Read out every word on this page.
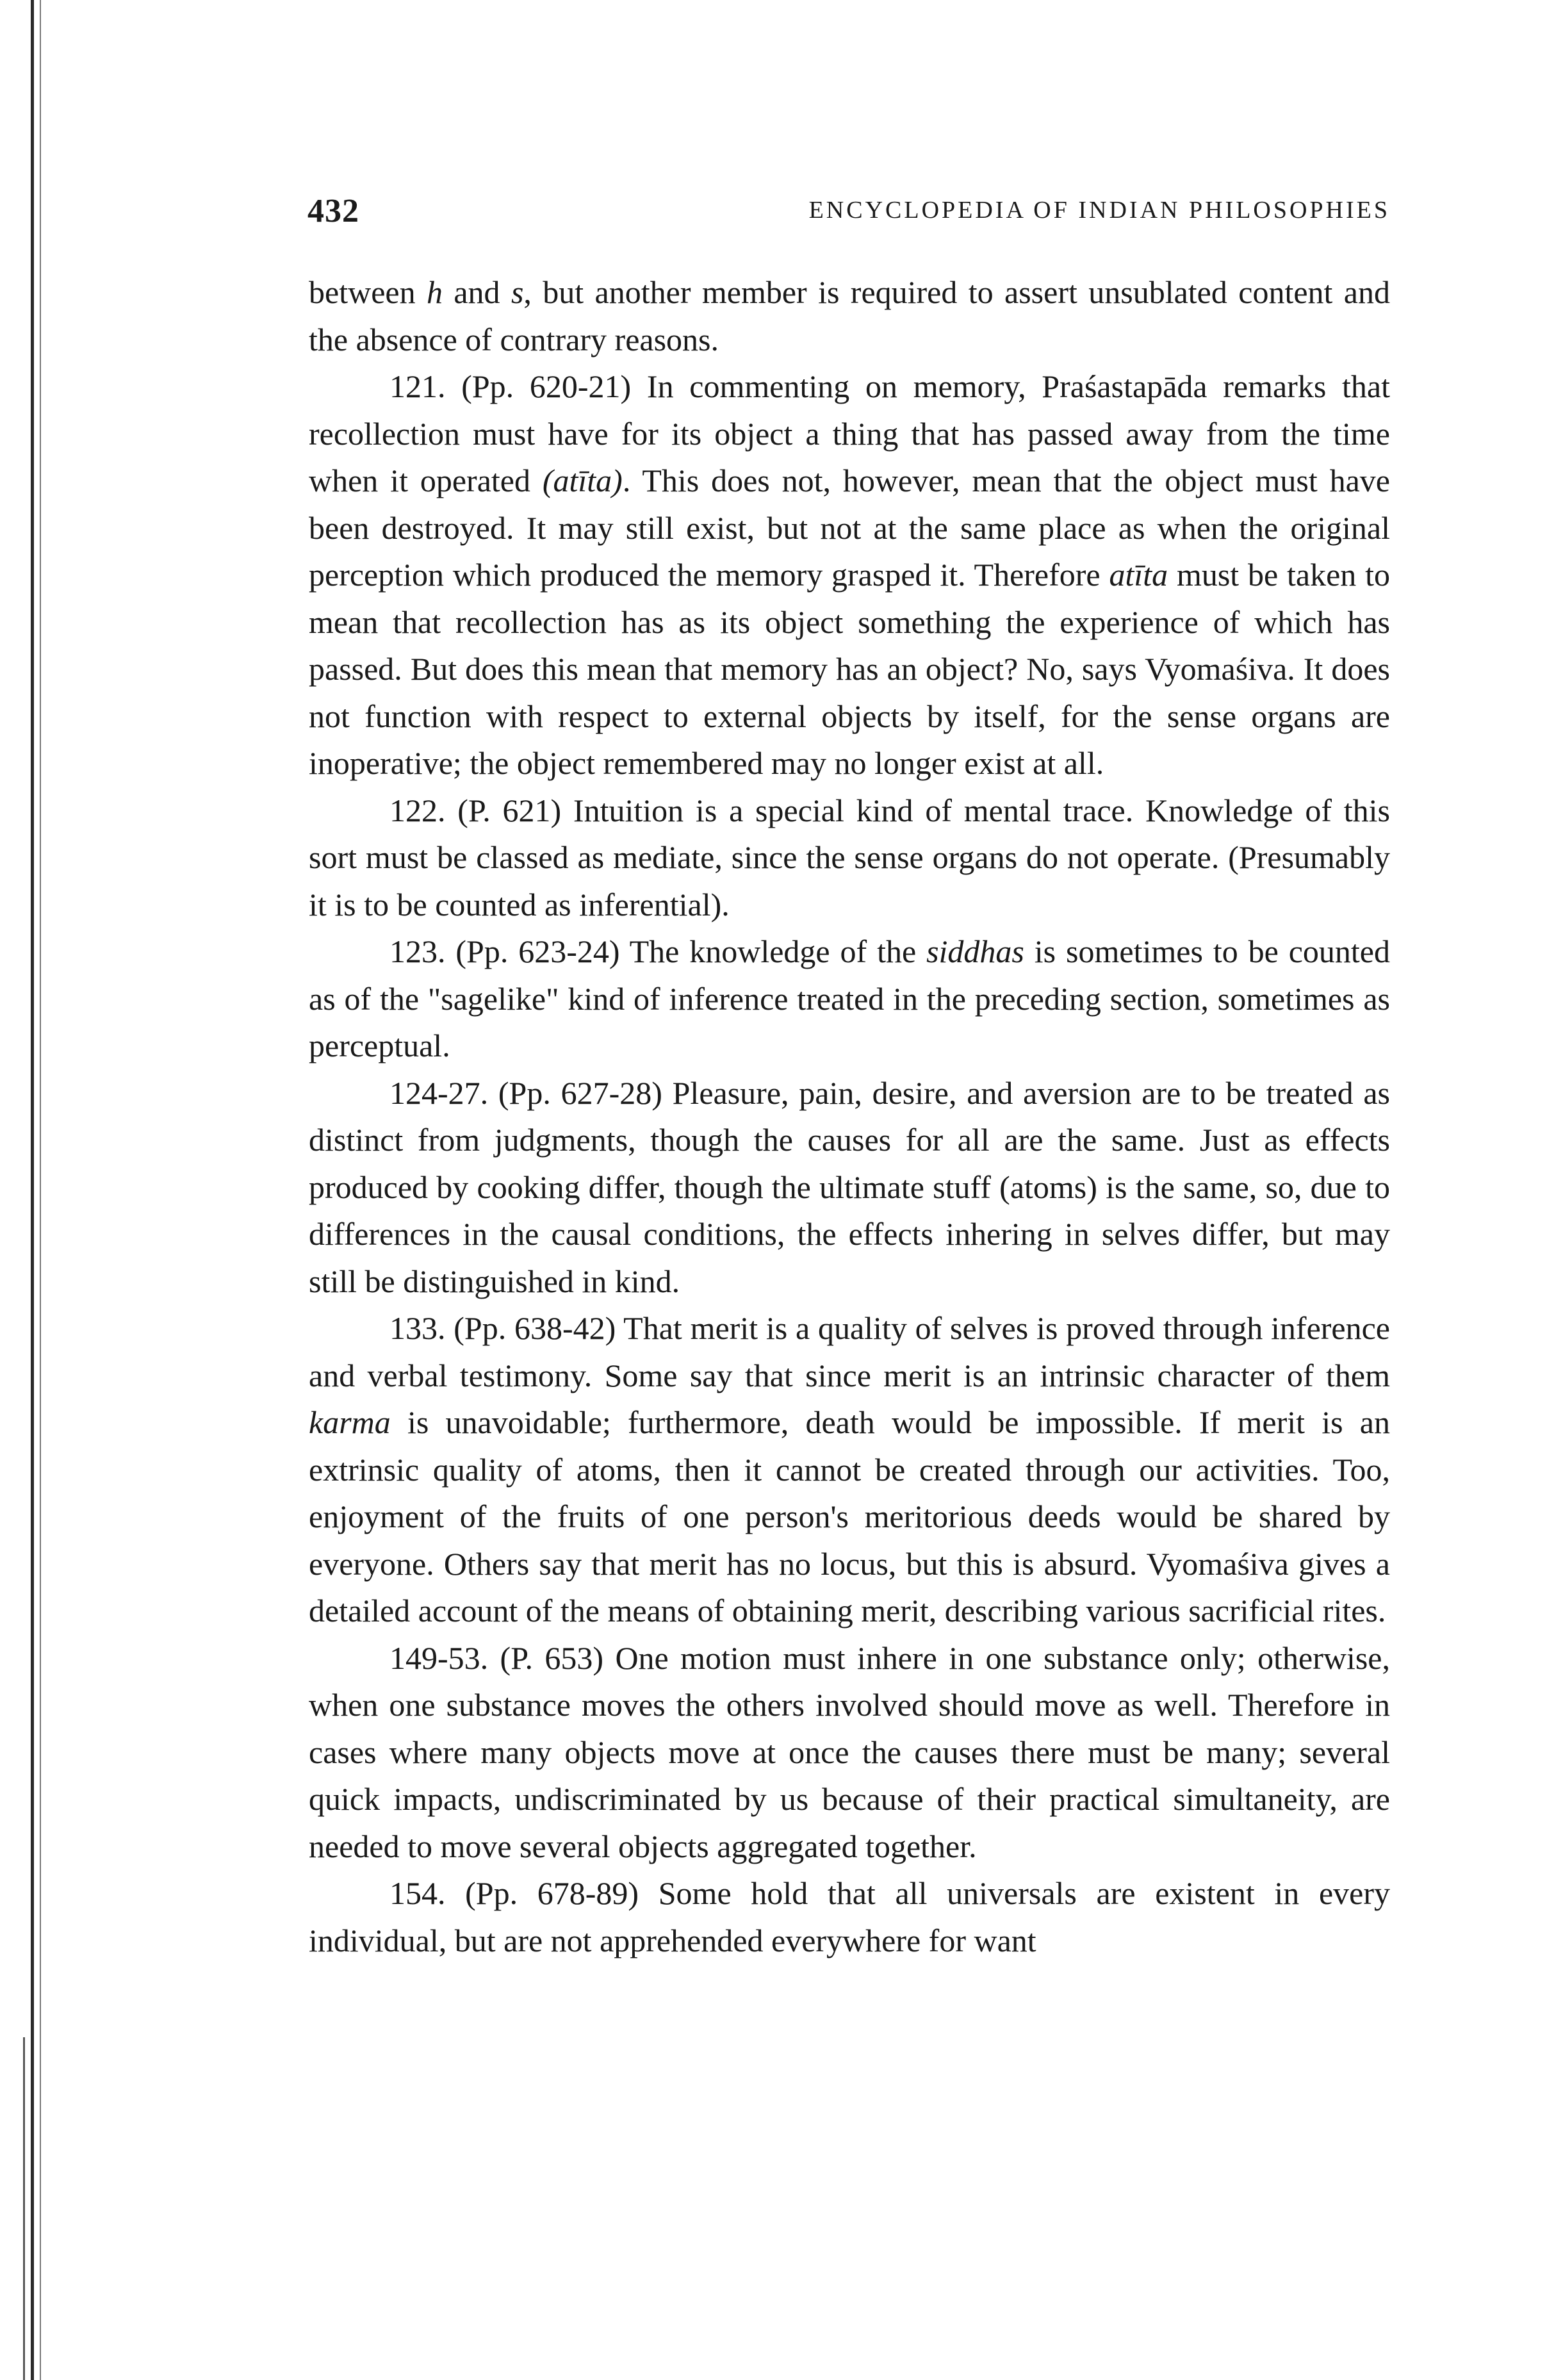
432	ENCYCLOPEDIA OF INDIAN PHILOSOPHIES

between h and s, but another member is required to assert unsublated content and the absence of contrary reasons.

121. (Pp. 620-21) In commenting on memory, Praśastapāda remarks that recollection must have for its object a thing that has passed away from the time when it operated (atīta). This does not, however, mean that the object must have been destroyed. It may still exist, but not at the same place as when the original perception which produced the memory grasped it. Therefore atīta must be taken to mean that recollection has as its object something the experience of which has passed. But does this mean that memory has an object? No, says Vyomaśiva. It does not function with respect to external objects by itself, for the sense organs are inoperative; the object remembered may no longer exist at all.

122. (P. 621) Intuition is a special kind of mental trace. Knowledge of this sort must be classed as mediate, since the sense organs do not operate. (Presumably it is to be counted as inferential).

123. (Pp. 623-24) The knowledge of the siddhas is sometimes to be counted as of the "sagelike" kind of inference treated in the preceding section, sometimes as perceptual.

124-27. (Pp. 627-28) Pleasure, pain, desire, and aversion are to be treated as distinct from judgments, though the causes for all are the same. Just as effects produced by cooking differ, though the ultimate stuff (atoms) is the same, so, due to differences in the causal conditions, the effects inhering in selves differ, but may still be distinguished in kind.

133. (Pp. 638-42) That merit is a quality of selves is proved through inference and verbal testimony. Some say that since merit is an intrinsic character of them karma is unavoidable; furthermore, death would be impossible. If merit is an extrinsic quality of atoms, then it cannot be created through our activities. Too, enjoyment of the fruits of one person's meritorious deeds would be shared by everyone. Others say that merit has no locus, but this is absurd. Vyomaśiva gives a detailed account of the means of obtaining merit, describing various sacrificial rites.

149-53. (P. 653) One motion must inhere in one substance only; otherwise, when one substance moves the others involved should move as well. Therefore in cases where many objects move at once the causes there must be many; several quick impacts, undiscriminated by us because of their practical simultaneity, are needed to move several objects aggregated together.

154. (Pp. 678-89) Some hold that all universals are existent in every individual, but are not apprehended everywhere for want
